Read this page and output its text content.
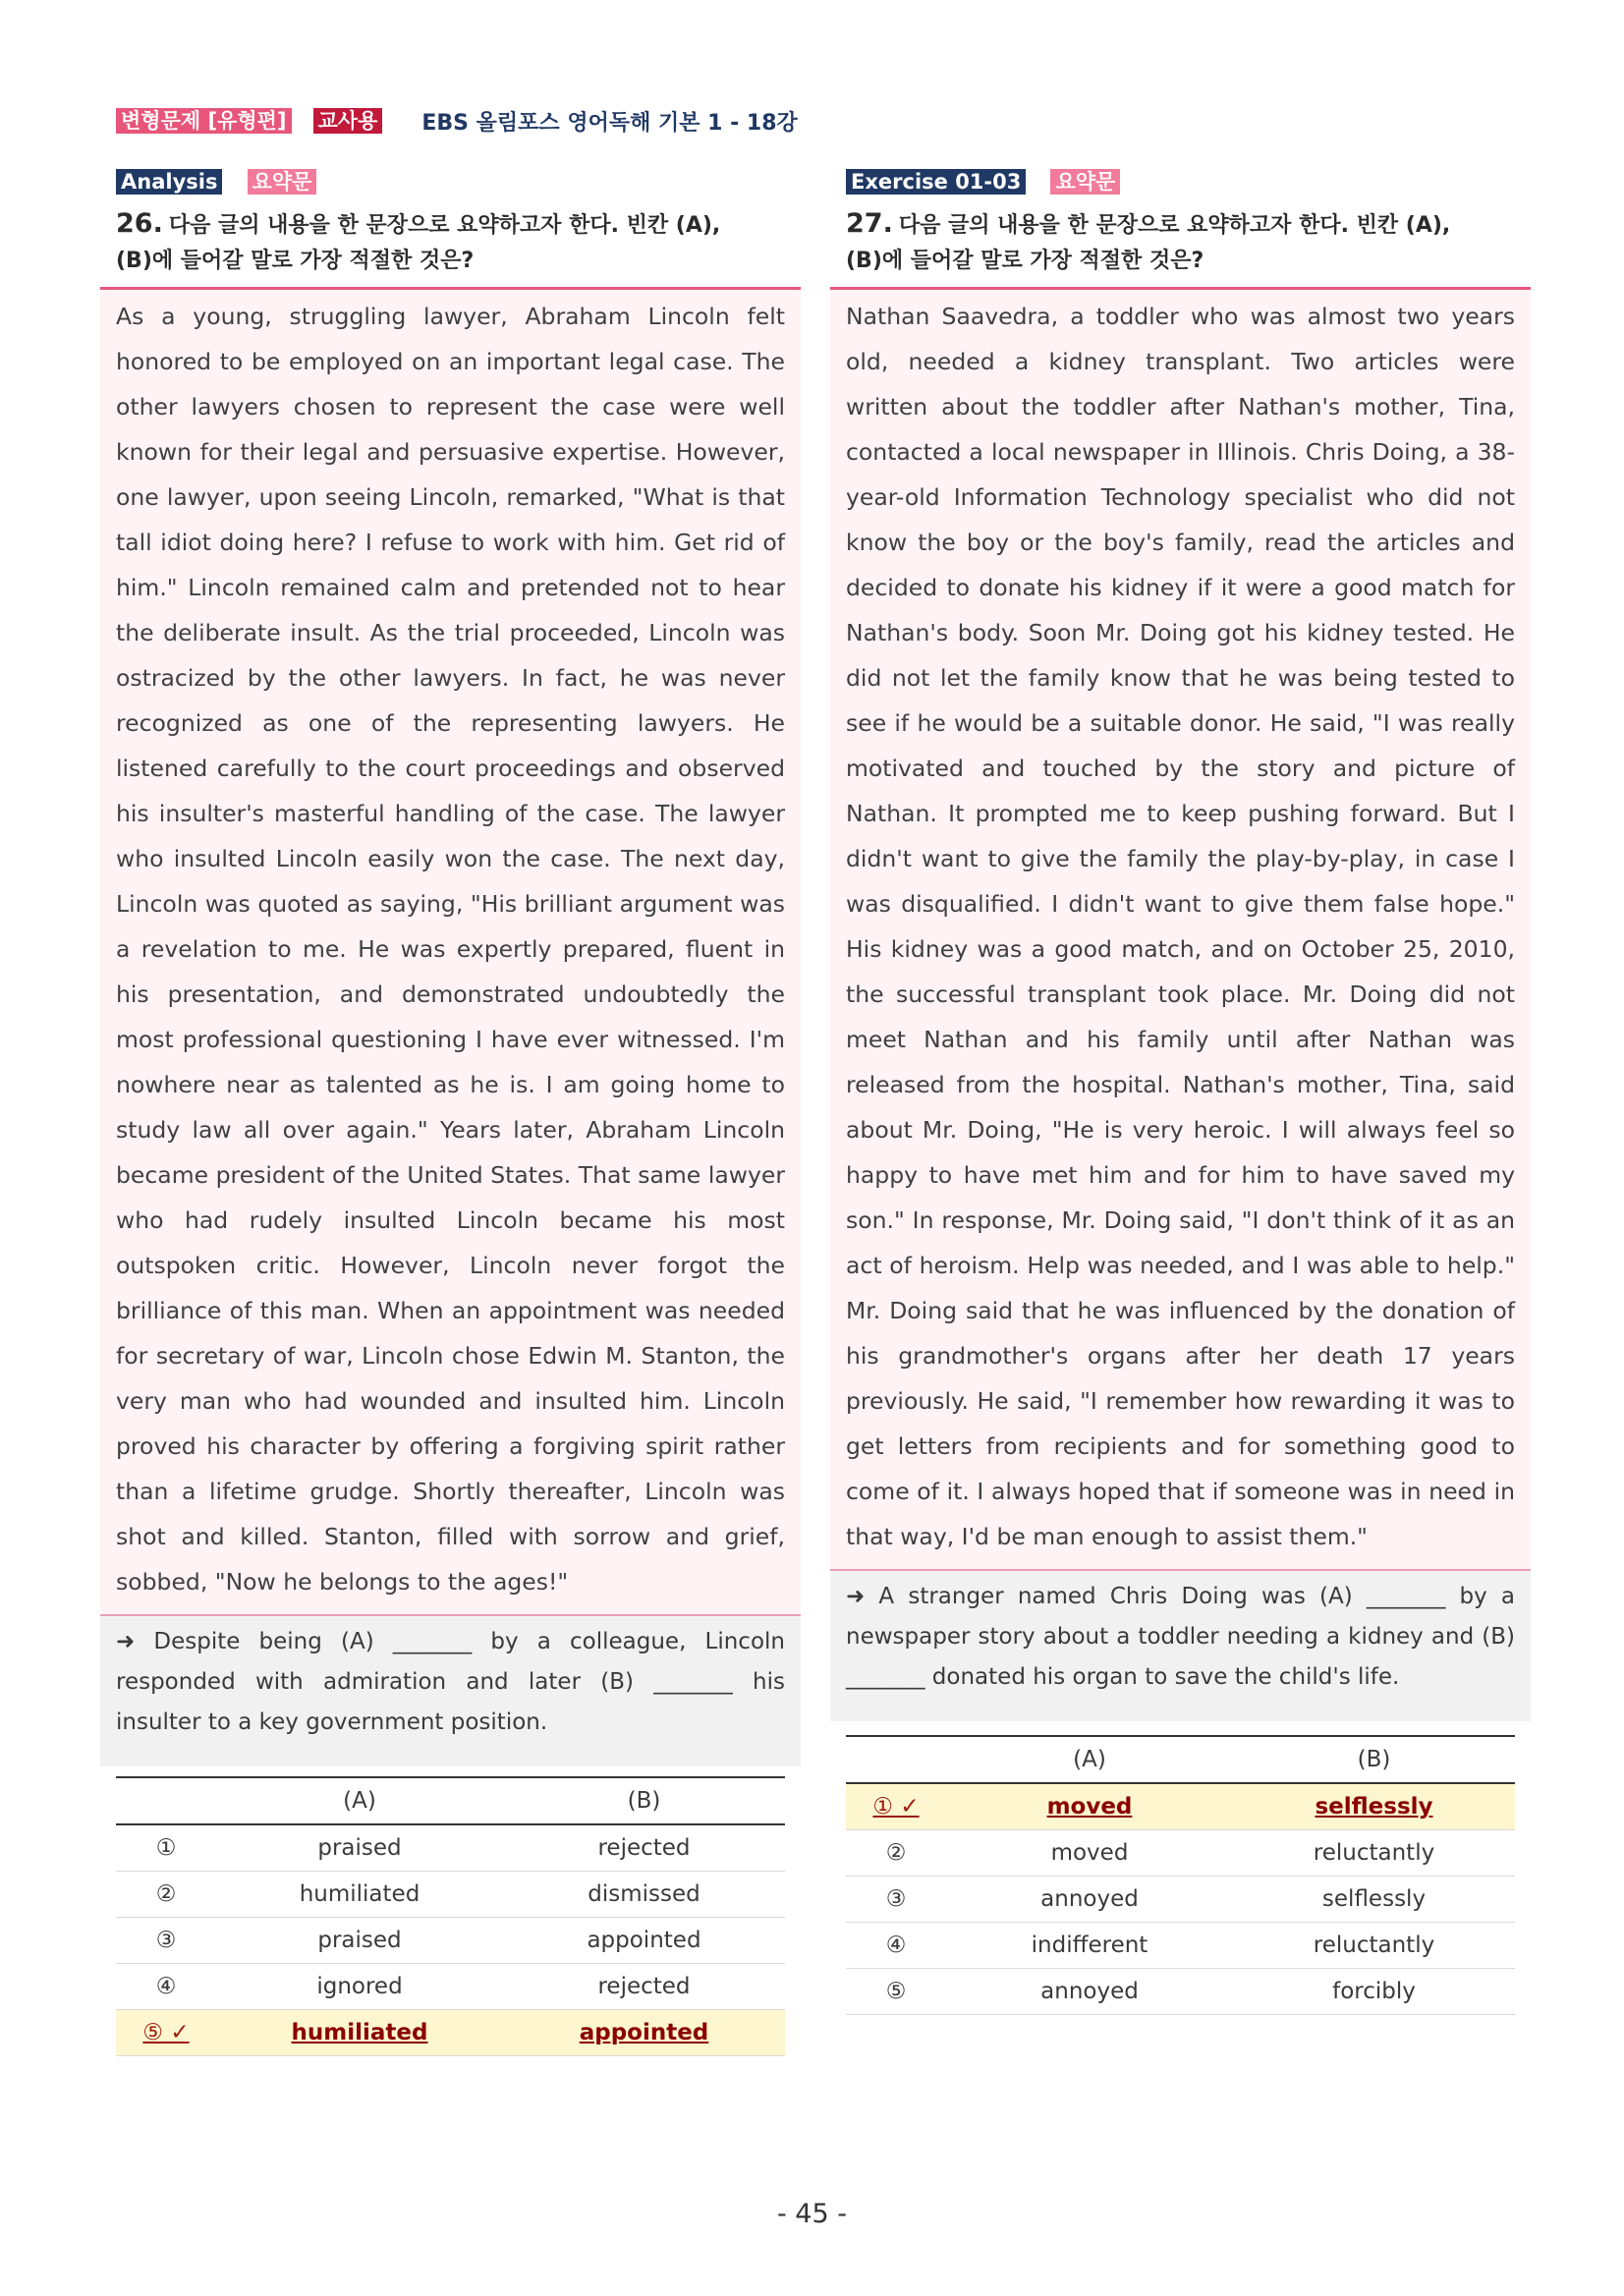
변형문제 [유형편] 교사용 EBS 올림포스 영어독해 기본 1 - 18강
Analysis 요약문
26. 다음 글의 내용을 한 문장으로 요약하고자 한다. 빈칸 (A),
(B)에 들어갈 말로 가장 적절한 것은?

As a young, struggling lawyer, Abraham Lincoln felt honored to be employed on an important legal case. The other lawyers chosen to represent the case were well known for their legal and persuasive expertise. However, one lawyer, upon seeing Lincoln, remarked, "What is that tall idiot doing here? I refuse to work with him. Get rid of him." Lincoln remained calm and pretended not to hear the deliberate insult. As the trial proceeded, Lincoln was ostracized by the other lawyers. In fact, he was never recognized as one of the representing lawyers. He listened carefully to the court proceedings and observed his insulter's masterful handling of the case. The lawyer who insulted Lincoln easily won the case. The next day, Lincoln was quoted as saying, "His brilliant argument was a revelation to me. He was expertly prepared, fluent in his presentation, and demonstrated undoubtedly the most professional questioning I have ever witnessed. I'm nowhere near as talented as he is. I am going home to study law all over again." Years later, Abraham Lincoln became president of the United States. That same lawyer who had rudely insulted Lincoln became his most outspoken critic. However, Lincoln never forgot the brilliance of this man. When an appointment was needed for secretary of war, Lincoln chose Edwin M. Stanton, the very man who had wounded and insulted him. Lincoln proved his character by offering a forgiving spirit rather than a lifetime grudge. Shortly thereafter, Lincoln was shot and killed. Stanton, filled with sorrow and grief, sobbed, "Now he belongs to the ages!"

➜ Despite being (A) _______ by a colleague, Lincoln responded with admiration and later (B) _______ his insulter to a key government position.
	(A)	(B)
①	praised	rejected
②	humiliated	dismissed
③	praised	appointed
④	ignored	rejected
⑤ ✓	humiliated	appointed
Exercise 01-03 요약문
27. 다음 글의 내용을 한 문장으로 요약하고자 한다. 빈칸 (A),
(B)에 들어갈 말로 가장 적절한 것은?

Nathan Saavedra, a toddler who was almost two years old, needed a kidney transplant. Two articles were written about the toddler after Nathan's mother, Tina, contacted a local newspaper in Illinois. Chris Doing, a 38-year-old Information Technology specialist who did not know the boy or the boy's family, read the articles and decided to donate his kidney if it were a good match for Nathan's body. Soon Mr. Doing got his kidney tested. He did not let the family know that he was being tested to see if he would be a suitable donor. He said, "I was really motivated and touched by the story and picture of Nathan. It prompted me to keep pushing forward. But I didn't want to give the family the play-by-play, in case I was disqualified. I didn't want to give them false hope." His kidney was a good match, and on October 25, 2010, the successful transplant took place. Mr. Doing did not meet Nathan and his family until after Nathan was released from the hospital. Nathan's mother, Tina, said about Mr. Doing, "He is very heroic. I will always feel so happy to have met him and for him to have saved my son." In response, Mr. Doing said, "I don't think of it as an act of heroism. Help was needed, and I was able to help." Mr. Doing said that he was influenced by the donation of his grandmother's organs after her death 17 years previously. He said, "I remember how rewarding it was to get letters from recipients and for something good to come of it. I always hoped that if someone was in need in that way, I'd be man enough to assist them."

➜ A stranger named Chris Doing was (A) _______ by a newspaper story about a toddler needing a kidney and (B) _______ donated his organ to save the child's life.
	(A)	(B)
① ✓	moved	selflessly
②	moved	reluctantly
③	annoyed	selflessly
④	indifferent	reluctantly
⑤	annoyed	forcibly
- 45 -
